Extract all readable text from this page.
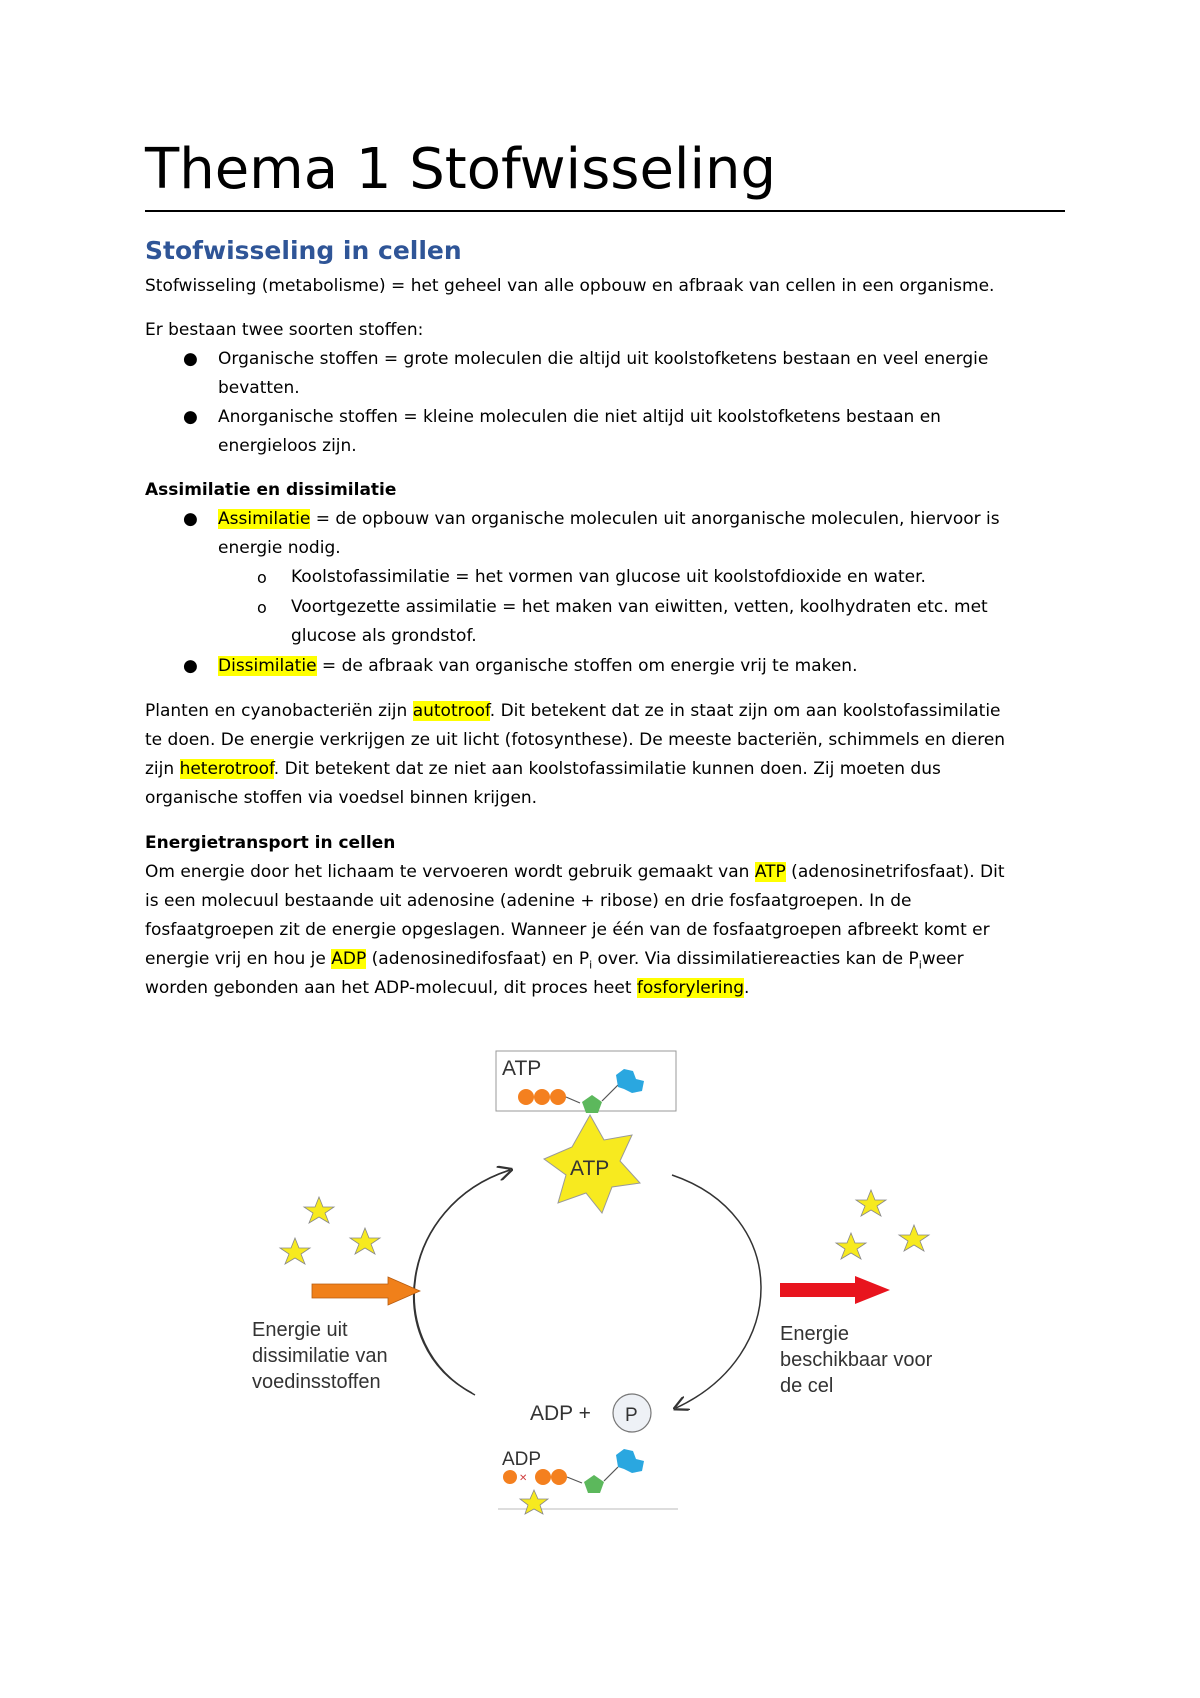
Thema 1 Stofwisseling
Stofwisseling in cellen
Stofwisseling (metabolisme) = het geheel van alle opbouw en afbraak van cellen in een organisme.
Er bestaan twee soorten stoffen:
● Organische stoffen = grote moleculen die altijd uit koolstofketens bestaan en veel energie
bevatten.
● Anorganische stoffen = kleine moleculen die niet altijd uit koolstofketens bestaan en
energieloos zijn.
Assimilatie en dissimilatie
● Assimilatie = de opbouw van organische moleculen uit anorganische moleculen, hiervoor is
energie nodig.
o Koolstofassimilatie = het vormen van glucose uit koolstofdioxide en water.
o Voortgezette assimilatie = het maken van eiwitten, vetten, koolhydraten etc. met
glucose als grondstof.
● Dissimilatie = de afbraak van organische stoffen om energie vrij te maken.
Planten en cyanobacteriën zijn autotroof. Dit betekent dat ze in staat zijn om aan koolstofassimilatie
te doen. De energie verkrijgen ze uit licht (fotosynthese). De meeste bacteriën, schimmels en dieren
zijn heterotroof. Dit betekent dat ze niet aan koolstofassimilatie kunnen doen. Zij moeten dus
organische stoffen via voedsel binnen krijgen.
Energietransport in cellen
Om energie door het lichaam te vervoeren wordt gebruik gemaakt van ATP (adenosinetrifosfaat). Dit
is een molecuul bestaande uit adenosine (adenine + ribose) en drie fosfaatgroepen. In de
fosfaatgroepen zit de energie opgeslagen. Wanneer je één van de fosfaatgroepen afbreekt komt er
energie vrij en hou je ADP (adenosinedifosfaat) en $P_i$ over. Via dissimilatiereacties kan de $P_iweer$
worden gebonden aan het ADP-molecuul, dit proces heet fosforylering.
ATP
ATP
Energie uit
dissimilatie van
voedinsstoffen
Energie
beschikbaar voor
de cel
ADP + P
ADP
✕
